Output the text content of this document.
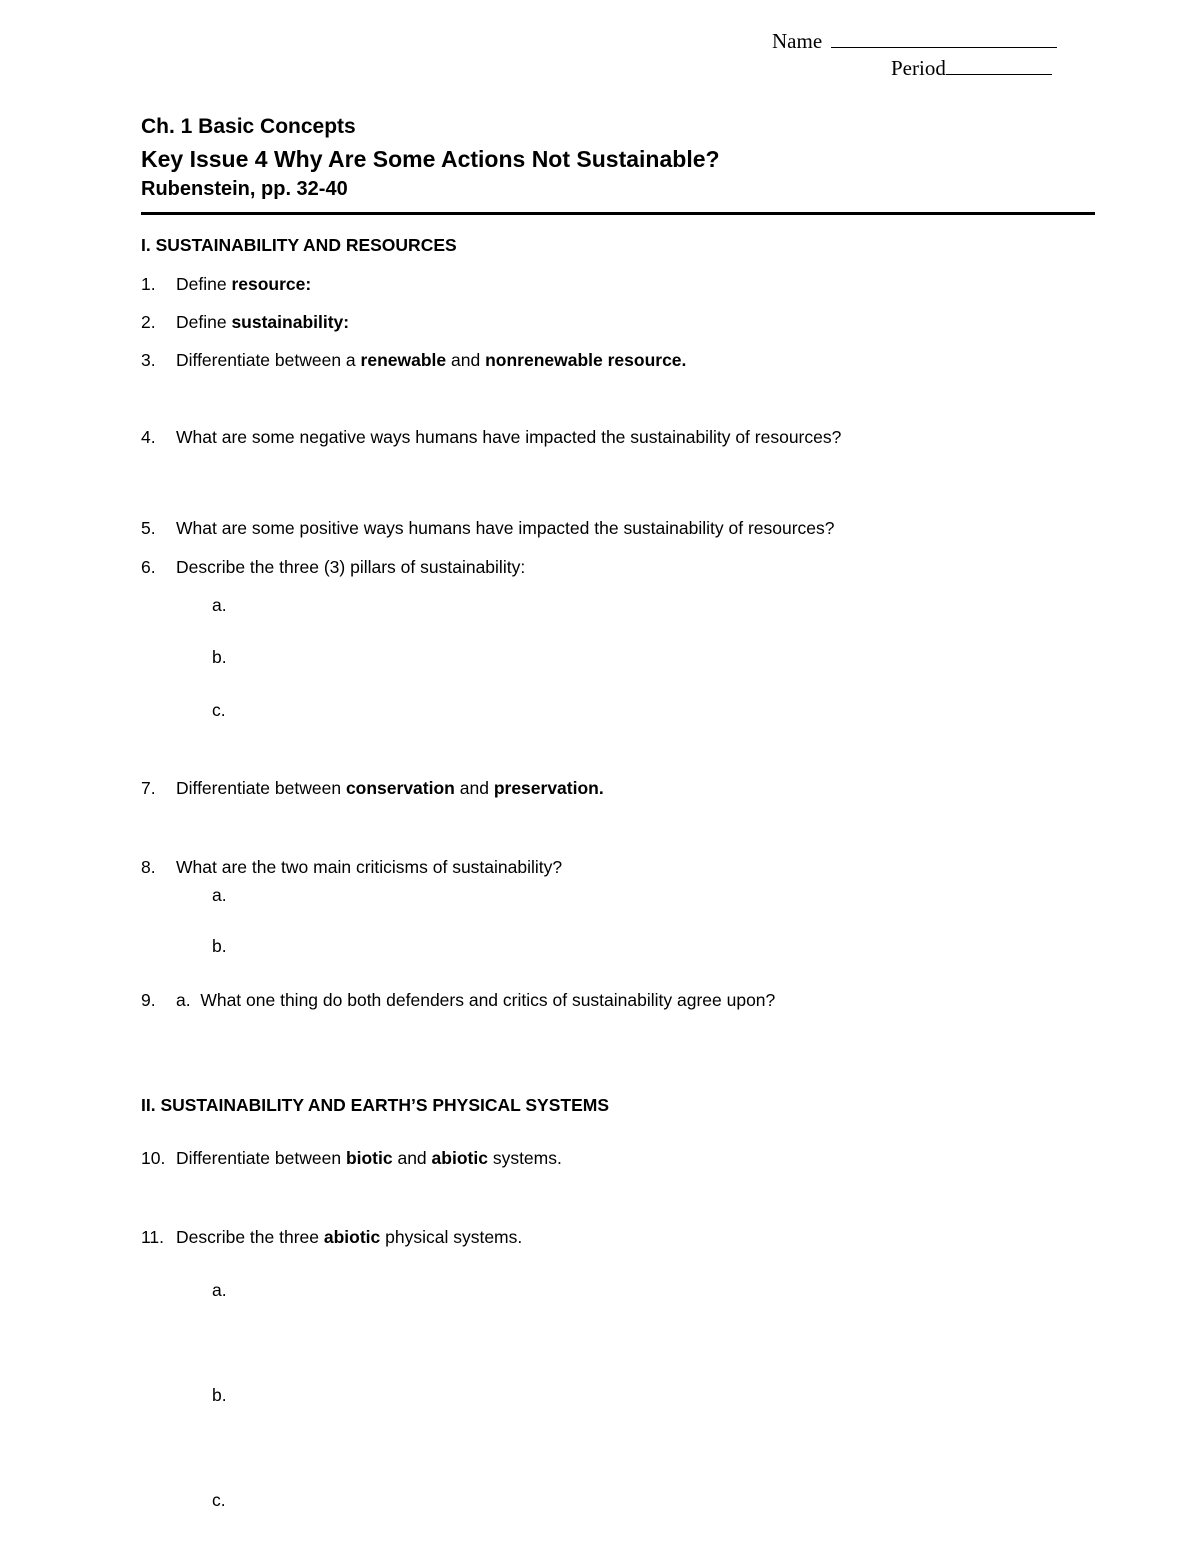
Name
Period
Ch. 1 Basic Concepts
Key Issue 4 Why Are Some Actions Not Sustainable?
Rubenstein, pp. 32-40
I. SUSTAINABILITY AND RESOURCES
1. Define resource:
2. Define sustainability:
3. Differentiate between a renewable and nonrenewable resource.
4. What are some negative ways humans have impacted the sustainability of resources?
5. What are some positive ways humans have impacted the sustainability of resources?
6. Describe the three (3) pillars of sustainability:
a.
b.
c.
7. Differentiate between conservation and preservation.
8. What are the two main criticisms of sustainability?
a.
b.
9. a.  What one thing do both defenders and critics of sustainability agree upon?
II. SUSTAINABILITY AND EARTH’S PHYSICAL SYSTEMS
10. Differentiate between biotic and abiotic systems.
11. Describe the three abiotic physical systems.
a.
b.
c.
